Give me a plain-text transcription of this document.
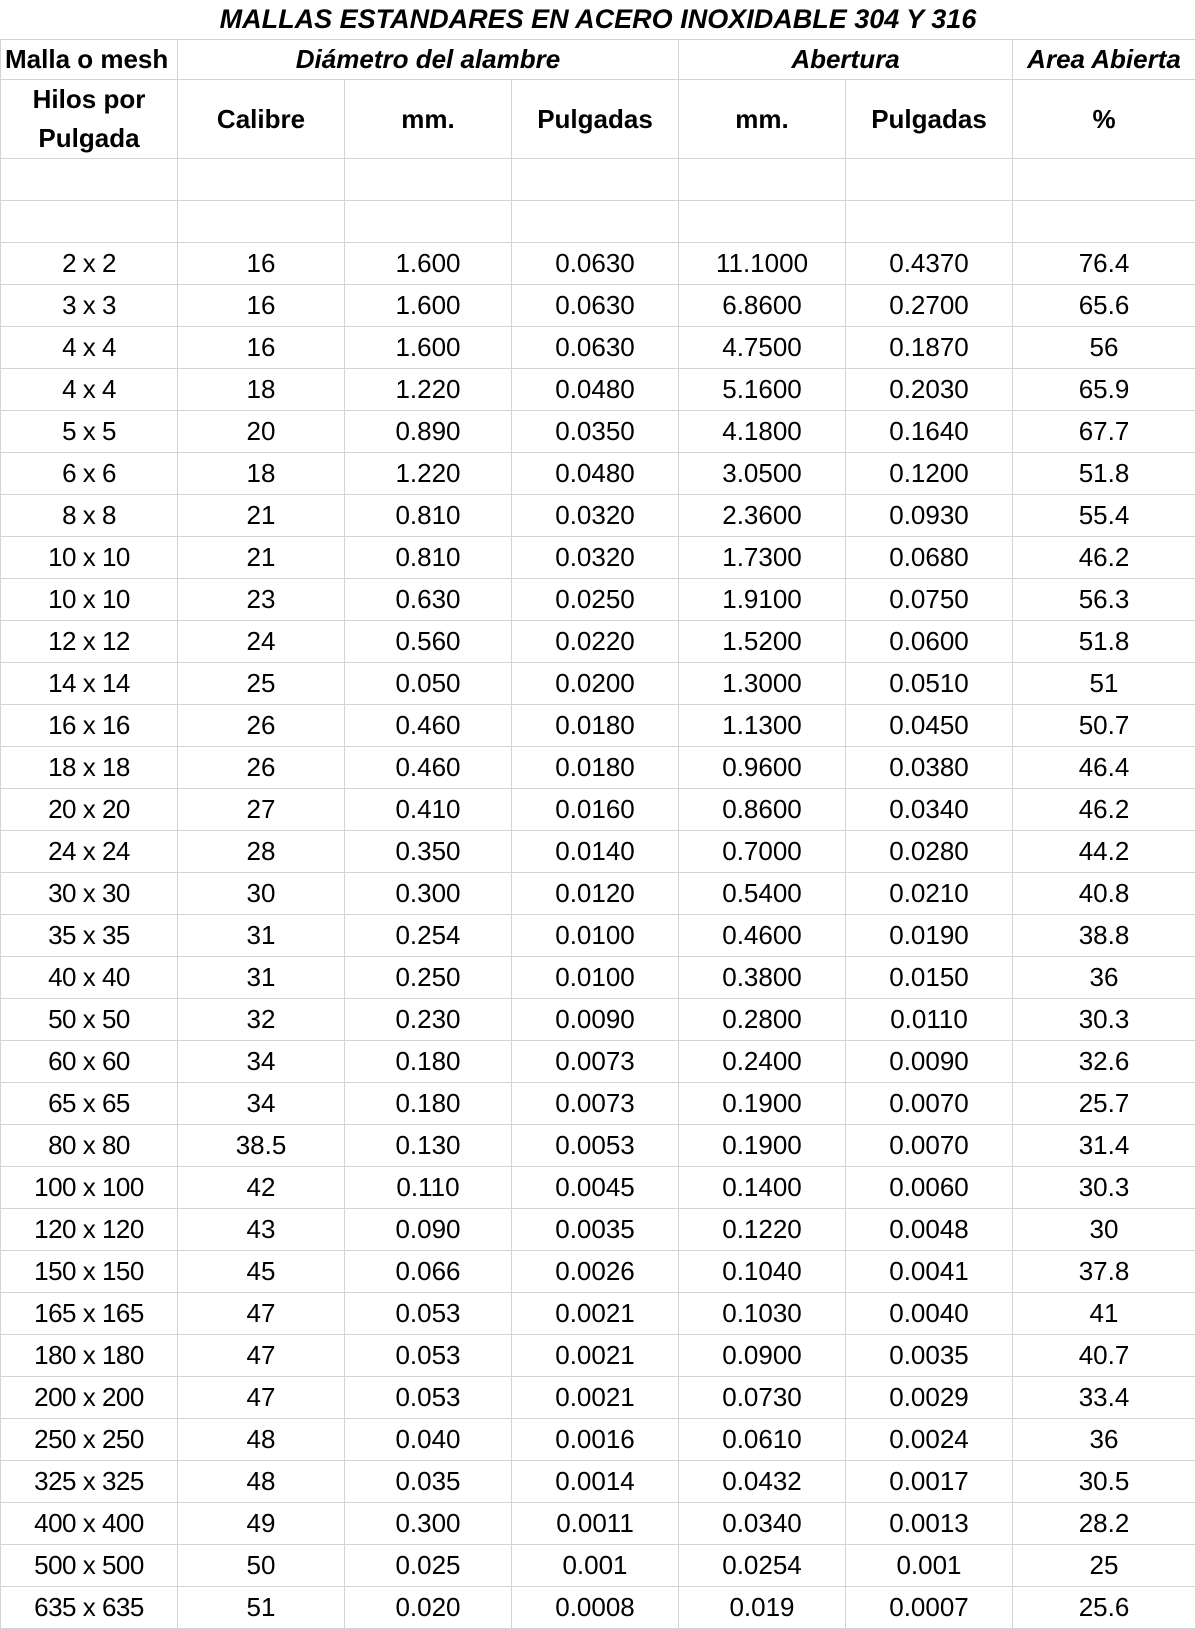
MALLAS ESTANDARES EN ACERO INOXIDABLE 304 Y 316						
Malla o mesh	Diámetro del alambre			Abertura		Area Abierta

Hilos por
Pulgada	Calibre	mm.	Pulgadas	mm.	Pulgadas	%

2 x 2	16	1.600	0.0630	11.1000	0.4370	76.4
3 x 3	16	1.600	0.0630	6.8600	0.2700	65.6
4 x 4	16	1.600	0.0630	4.7500	0.1870	56
4 x 4	18	1.220	0.0480	5.1600	0.2030	65.9
5 x 5	20	0.890	0.0350	4.1800	0.1640	67.7
6 x 6	18	1.220	0.0480	3.0500	0.1200	51.8
8 x 8	21	0.810	0.0320	2.3600	0.0930	55.4
10 x 10	21	0.810	0.0320	1.7300	0.0680	46.2
10 x 10	23	0.630	0.0250	1.9100	0.0750	56.3
12 x 12	24	0.560	0.0220	1.5200	0.0600	51.8
14 x 14	25	0.050	0.0200	1.3000	0.0510	51
16 x 16	26	0.460	0.0180	1.1300	0.0450	50.7
18 x 18	26	0.460	0.0180	0.9600	0.0380	46.4
20 x 20	27	0.410	0.0160	0.8600	0.0340	46.2
24 x 24	28	0.350	0.0140	0.7000	0.0280	44.2
30 x 30	30	0.300	0.0120	0.5400	0.0210	40.8
35 x 35	31	0.254	0.0100	0.4600	0.0190	38.8
40 x 40	31	0.250	0.0100	0.3800	0.0150	36
50 x 50	32	0.230	0.0090	0.2800	0.0110	30.3
60 x 60	34	0.180	0.0073	0.2400	0.0090	32.6
65 x 65	34	0.180	0.0073	0.1900	0.0070	25.7
80 x 80	38.5	0.130	0.0053	0.1900	0.0070	31.4
100 x 100	42	0.110	0.0045	0.1400	0.0060	30.3
120 x 120	43	0.090	0.0035	0.1220	0.0048	30
150 x 150	45	0.066	0.0026	0.1040	0.0041	37.8
165 x 165	47	0.053	0.0021	0.1030	0.0040	41
180 x 180	47	0.053	0.0021	0.0900	0.0035	40.7
200 x 200	47	0.053	0.0021	0.0730	0.0029	33.4
250 x 250	48	0.040	0.0016	0.0610	0.0024	36
325 x 325	48	0.035	0.0014	0.0432	0.0017	30.5
400 x 400	49	0.300	0.0011	0.0340	0.0013	28.2
500 x 500	50	0.025	0.001	0.0254	0.001	25
635 x 635	51	0.020	0.0008	0.019	0.0007	25.6
